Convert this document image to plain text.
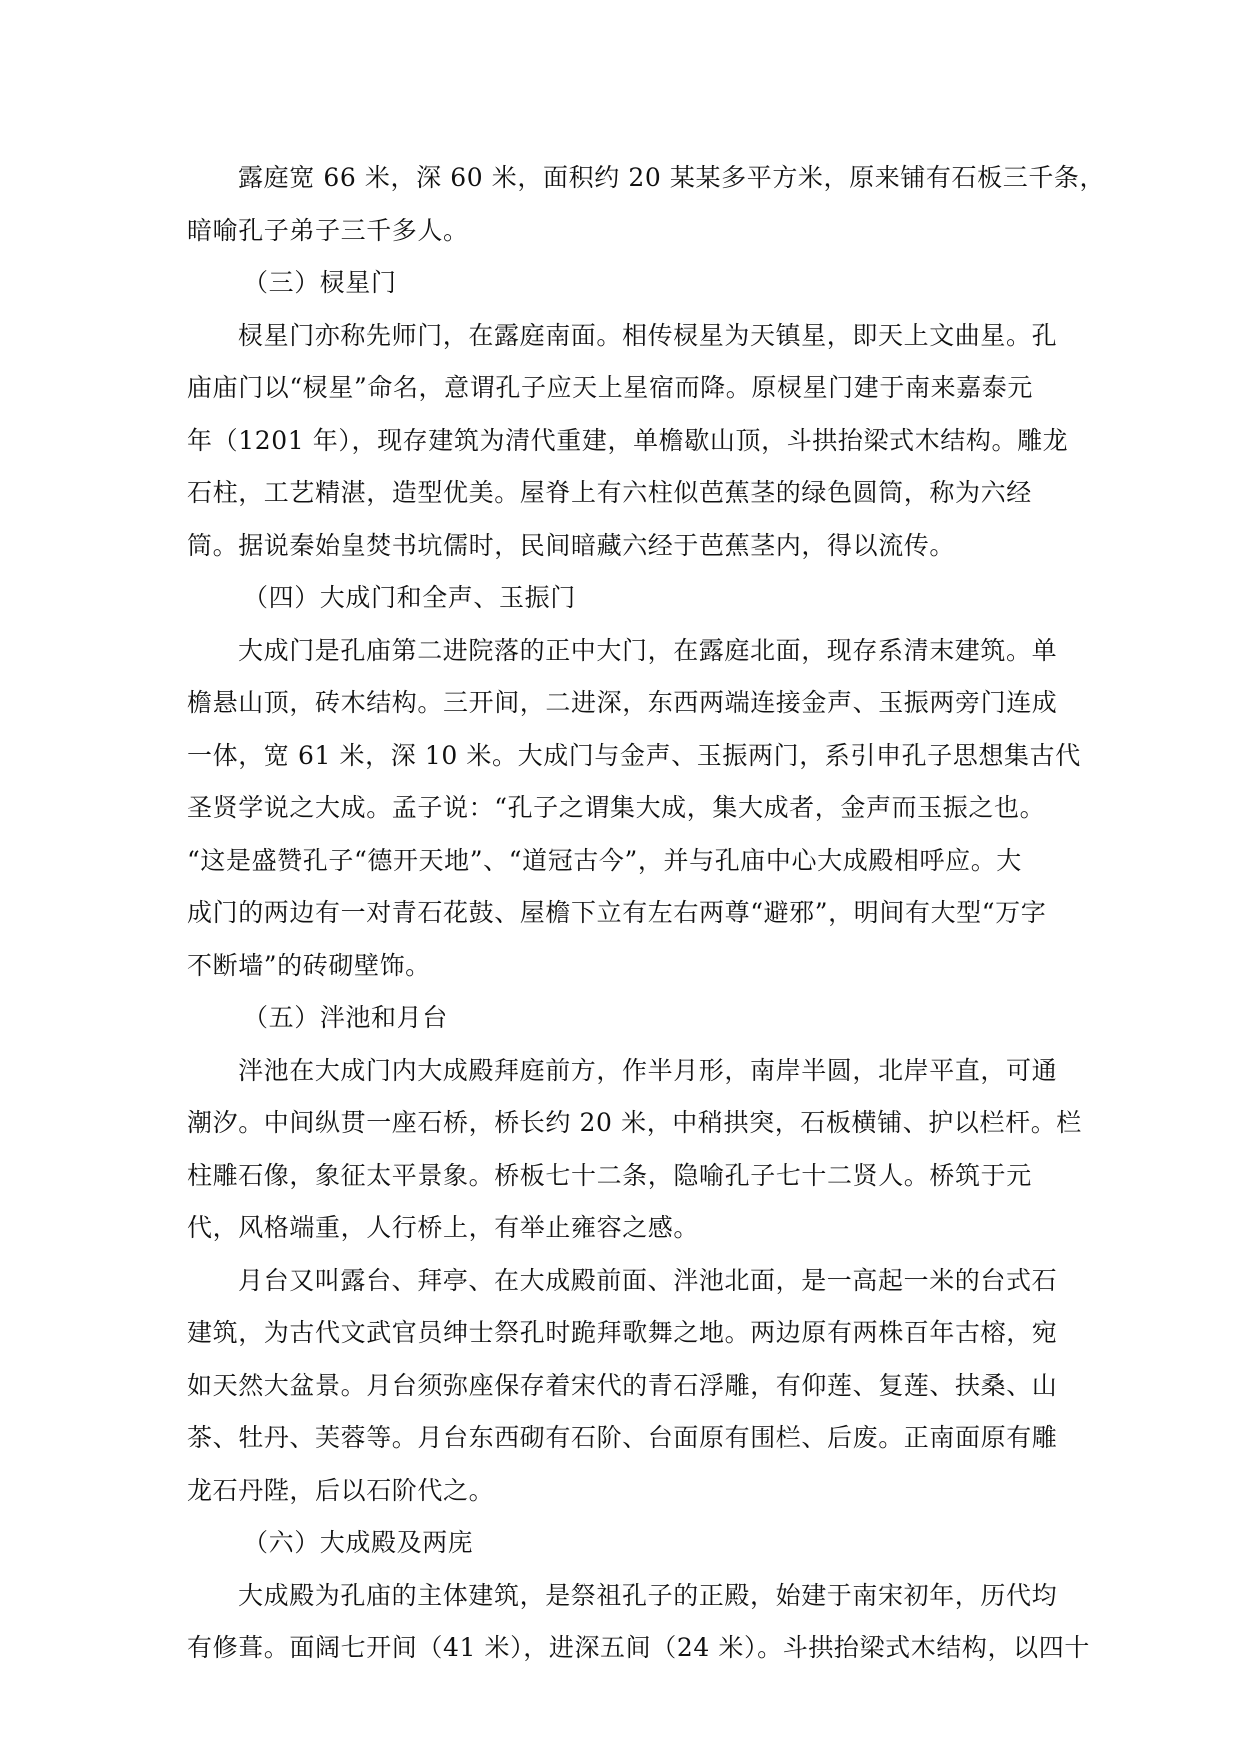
露庭宽 66 米，深 60 米，面积约 20 某某多平方米，原来铺有石板三千条，
暗喻孔子弟子三千多人。
（三）棂星门
棂星门亦称先师门，在露庭南面。相传棂星为天镇星，即天上文曲星。孔
庙庙门以“棂星”命名，意谓孔子应天上星宿而降。原棂星门建于南来嘉泰元
年（1201 年），现存建筑为清代重建，单檐歇山顶，斗拱抬梁式木结构。雕龙
石柱，工艺精湛，造型优美。屋脊上有六柱似芭蕉茎的绿色圆筒，称为六经
筒。据说秦始皇焚书坑儒时，民间暗藏六经于芭蕉茎内，得以流传。
（四）大成门和全声、玉振门
大成门是孔庙第二进院落的正中大门，在露庭北面，现存系清末建筑。单
檐悬山顶，砖木结构。三开间，二进深，东西两端连接金声、玉振两旁门连成
一体，宽 61 米，深 10 米。大成门与金声、玉振两门，系引申孔子思想集古代
圣贤学说之大成。孟子说：“孔子之谓集大成，集大成者，金声而玉振之也。
“这是盛赞孔子“德开天地”、“道冠古今”，并与孔庙中心大成殿相呼应。大
成门的两边有一对青石花鼓、屋檐下立有左右两尊“避邪”，明间有大型“万字
不断墙”的砖砌壁饰。
（五）泮池和月台
泮池在大成门内大成殿拜庭前方，作半月形，南岸半圆，北岸平直，可通
潮汐。中间纵贯一座石桥，桥长约 20 米，中稍拱突，石板横铺、护以栏杆。栏
柱雕石像，象征太平景象。桥板七十二条，隐喻孔子七十二贤人。桥筑于元
代，风格端重，人行桥上，有举止雍容之感。
月台又叫露台、拜亭、在大成殿前面、泮池北面，是一高起一米的台式石
建筑，为古代文武官员绅士祭孔时跪拜歌舞之地。两边原有两株百年古榕，宛
如天然大盆景。月台须弥座保存着宋代的青石浮雕，有仰莲、复莲、扶桑、山
茶、牡丹、芙蓉等。月台东西砌有石阶、台面原有围栏、后废。正南面原有雕
龙石丹陛，后以石阶代之。
（六）大成殿及两庑
大成殿为孔庙的主体建筑，是祭祖孔子的正殿，始建于南宋初年，历代均
有修葺。面阔七开间（41 米），进深五间（24 米）。斗拱抬梁式木结构，以四十
